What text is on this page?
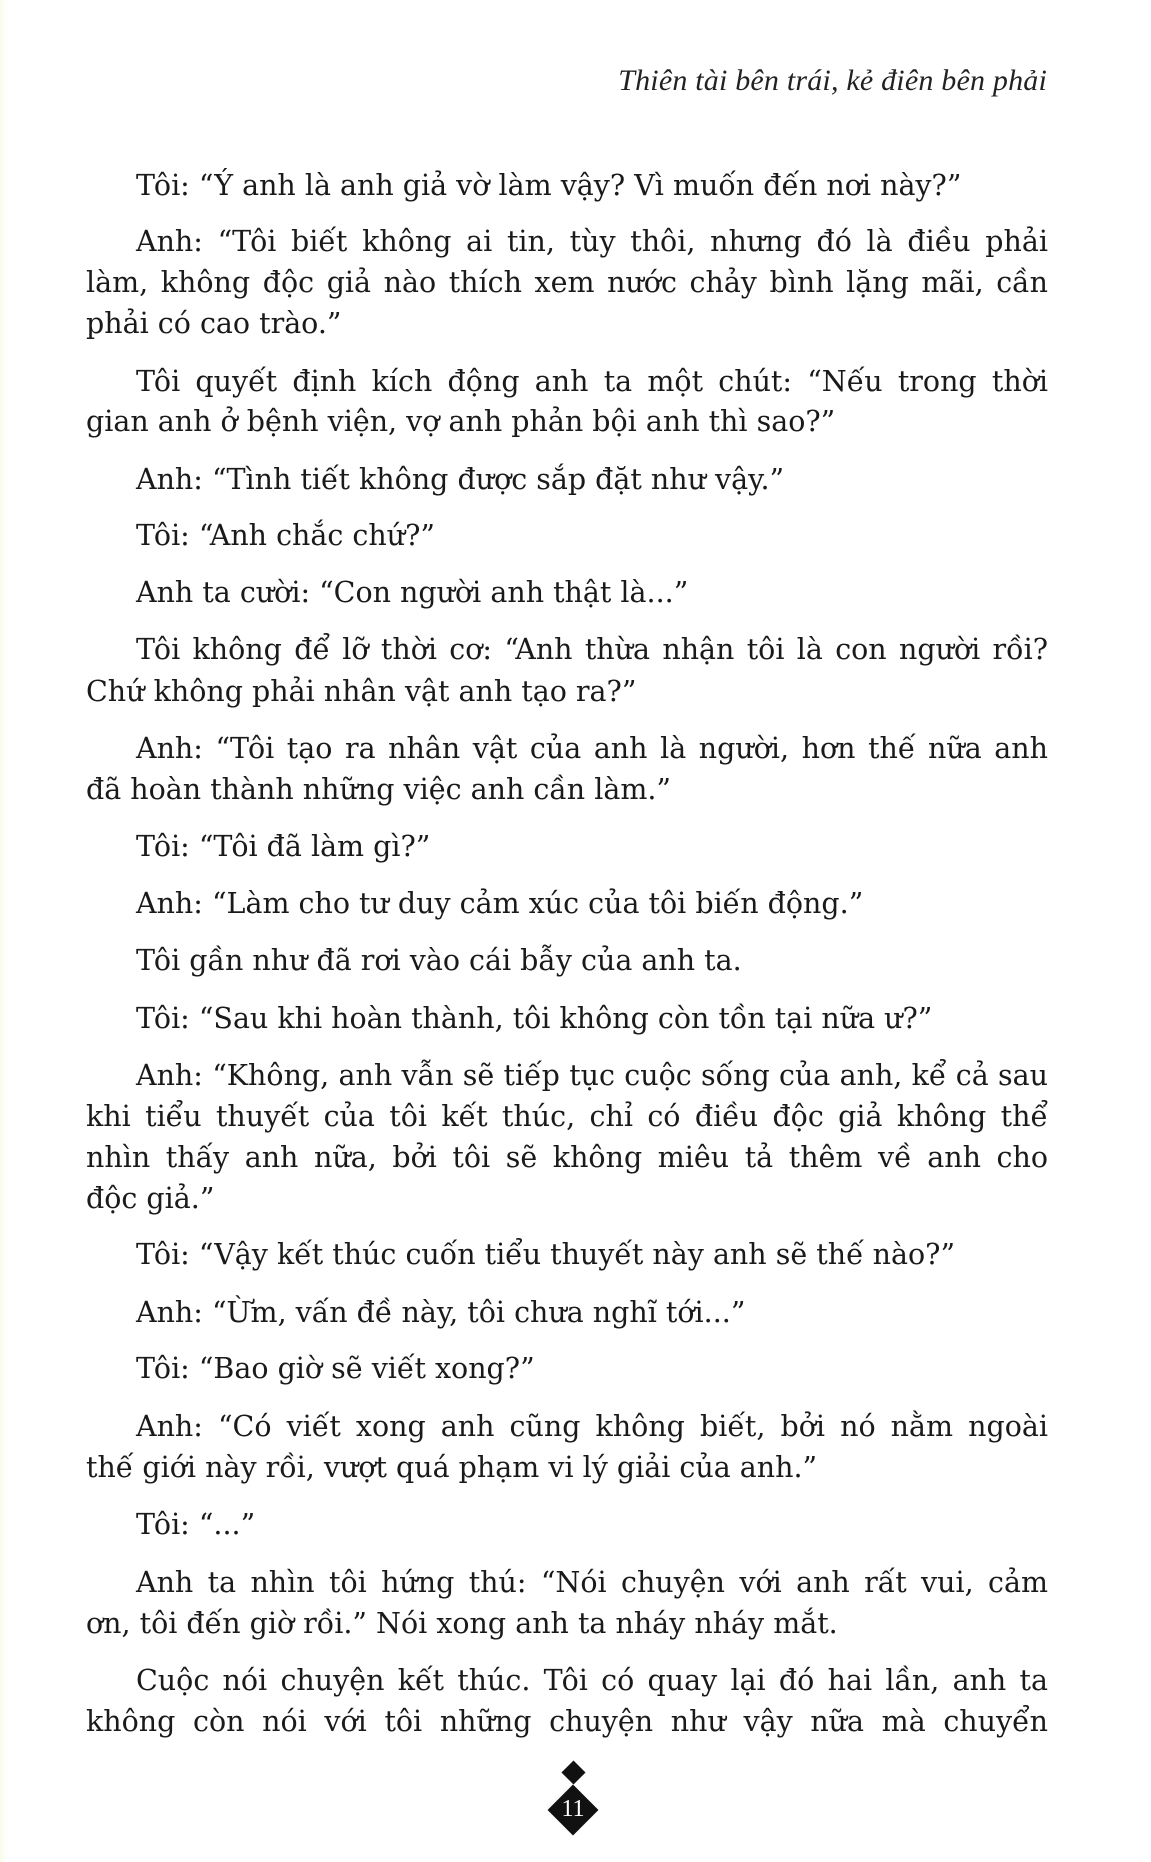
Thiên tài bên trái, kẻ điên bên phải
Tôi: “Ý anh là anh giả vờ làm vậy? Vì muốn đến nơi này?”
Anh: “Tôi biết không ai tin, tùy thôi, nhưng đó là điều phải
làm, không độc giả nào thích xem nước chảy bình lặng mãi, cần
phải có cao trào.”
Tôi quyết định kích động anh ta một chút: “Nếu trong thời
gian anh ở bệnh viện, vợ anh phản bội anh thì sao?”
Anh: “Tình tiết không được sắp đặt như vậy.”
Tôi: “Anh chắc chứ?”
Anh ta cười: “Con người anh thật là...”
Tôi không để lỡ thời cơ: “Anh thừa nhận tôi là con người rồi?
Chứ không phải nhân vật anh tạo ra?”
Anh: “Tôi tạo ra nhân vật của anh là người, hơn thế nữa anh
đã hoàn thành những việc anh cần làm.”
Tôi: “Tôi đã làm gì?”
Anh: “Làm cho tư duy cảm xúc của tôi biến động.”
Tôi gần như đã rơi vào cái bẫy của anh ta.
Tôi: “Sau khi hoàn thành, tôi không còn tồn tại nữa ư?”
Anh: “Không, anh vẫn sẽ tiếp tục cuộc sống của anh, kể cả sau
khi tiểu thuyết của tôi kết thúc, chỉ có điều độc giả không thể
nhìn thấy anh nữa, bởi tôi sẽ không miêu tả thêm về anh cho
độc giả.”
Tôi: “Vậy kết thúc cuốn tiểu thuyết này anh sẽ thế nào?”
Anh: “Ừm, vấn đề này, tôi chưa nghĩ tới...”
Tôi: “Bao giờ sẽ viết xong?”
Anh: “Có viết xong anh cũng không biết, bởi nó nằm ngoài
thế giới này rồi, vượt quá phạm vi lý giải của anh.”
Tôi: “...”
Anh ta nhìn tôi hứng thú: “Nói chuyện với anh rất vui, cảm
ơn, tôi đến giờ rồi.” Nói xong anh ta nháy nháy mắt.
Cuộc nói chuyện kết thúc. Tôi có quay lại đó hai lần, anh ta
không còn nói với tôi những chuyện như vậy nữa mà chuyển
11
